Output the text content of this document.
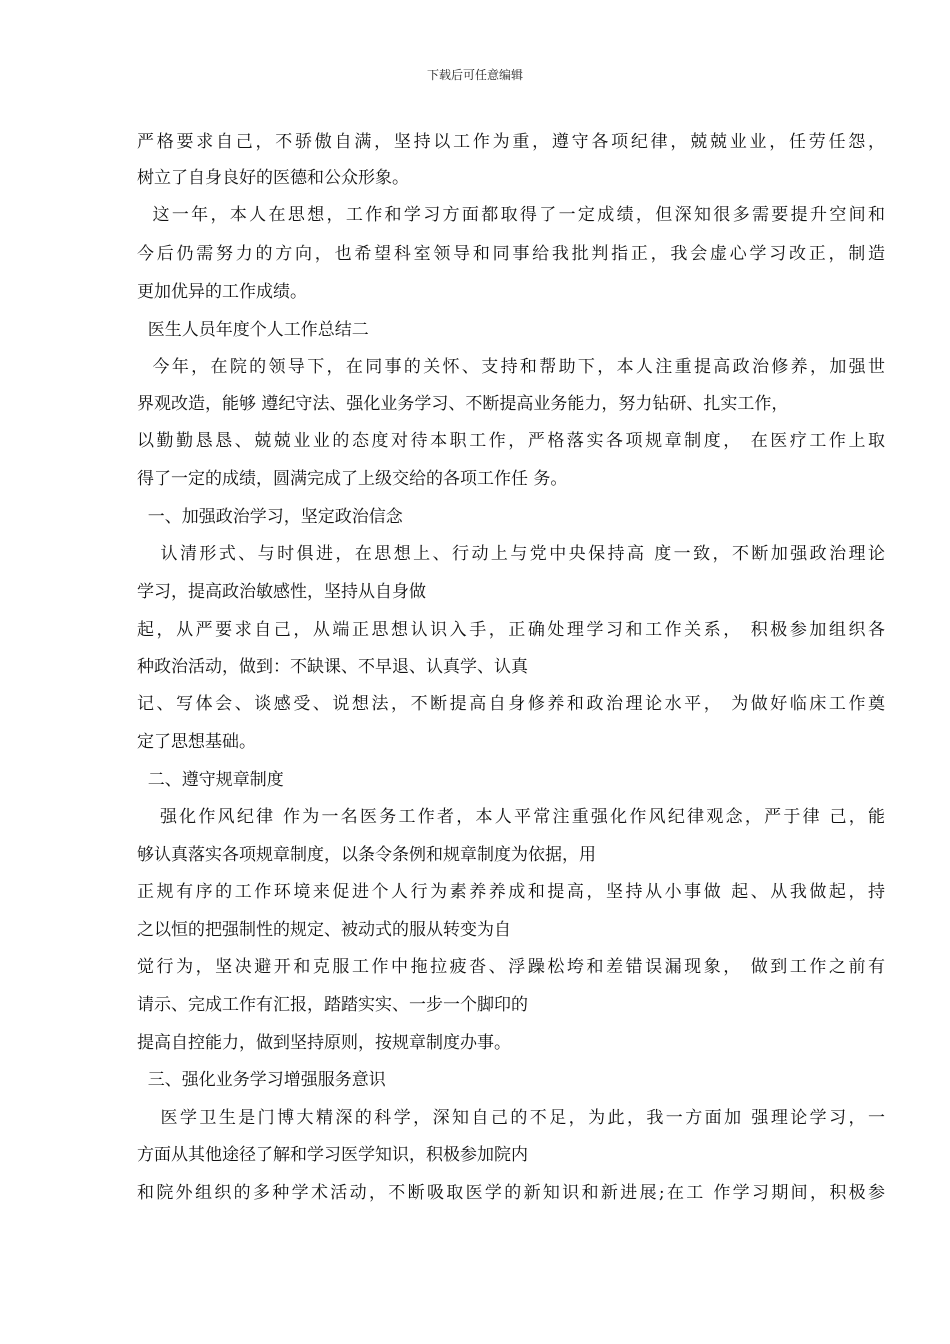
下载后可任意编辑
严格要求自己，不骄傲自满，坚持以工作为重，遵守各项纪律，兢兢业业，任劳任怨，
树立了自身良好的医德和公众形象。
这一年，本人在思想，工作和学习方面都取得了一定成绩，但深知很多需要提升空间和
今后仍需努力的方向，也希望科室领导和同事给我批判指正，我会虚心学习改正，制造
更加优异的工作成绩。
医生人员年度个人工作总结二
今年，在院的领导下，在同事的关怀、支持和帮助下，本人注重提高政治修养，加强世
界观改造，能够 遵纪守法、强化业务学习、不断提高业务能力，努力钻研、扎实工作，
以勤勤恳恳、兢兢业业的态度对待本职工作，严格落实各项规章制度， 在医疗工作上取
得了一定的成绩，圆满完成了上级交给的各项工作任 务。
一、加强政治学习，坚定政治信念
认清形式、与时俱进，在思想上、行动上与党中央保持高 度一致，不断加强政治理论
学习，提高政治敏感性，坚持从自身做
起，从严要求自己，从端正思想认识入手，正确处理学习和工作关系， 积极参加组织各
种政治活动，做到：不缺课、不早退、认真学、认真
记、写体会、谈感受、说想法，不断提高自身修养和政治理论水平， 为做好临床工作奠
定了思想基础。
二、遵守规章制度
强化作风纪律 作为一名医务工作者，本人平常注重强化作风纪律观念，严于律 己，能
够认真落实各项规章制度，以条令条例和规章制度为依据，用
正规有序的工作环境来促进个人行为素养养成和提高，坚持从小事做 起、从我做起，持
之以恒的把强制性的规定、被动式的服从转变为自
觉行为，坚决避开和克服工作中拖拉疲沓、浮躁松垮和差错误漏现象， 做到工作之前有
请示、完成工作有汇报，踏踏实实、一步一个脚印的
提高自控能力，做到坚持原则，按规章制度办事。
三、强化业务学习增强服务意识
医学卫生是门博大精深的科学，深知自己的不足，为此，我一方面加 强理论学习，一
方面从其他途径了解和学习医学知识，积极参加院内
和院外组织的多种学术活动，不断吸取医学的新知识和新进展;在工 作学习期间，积极参
